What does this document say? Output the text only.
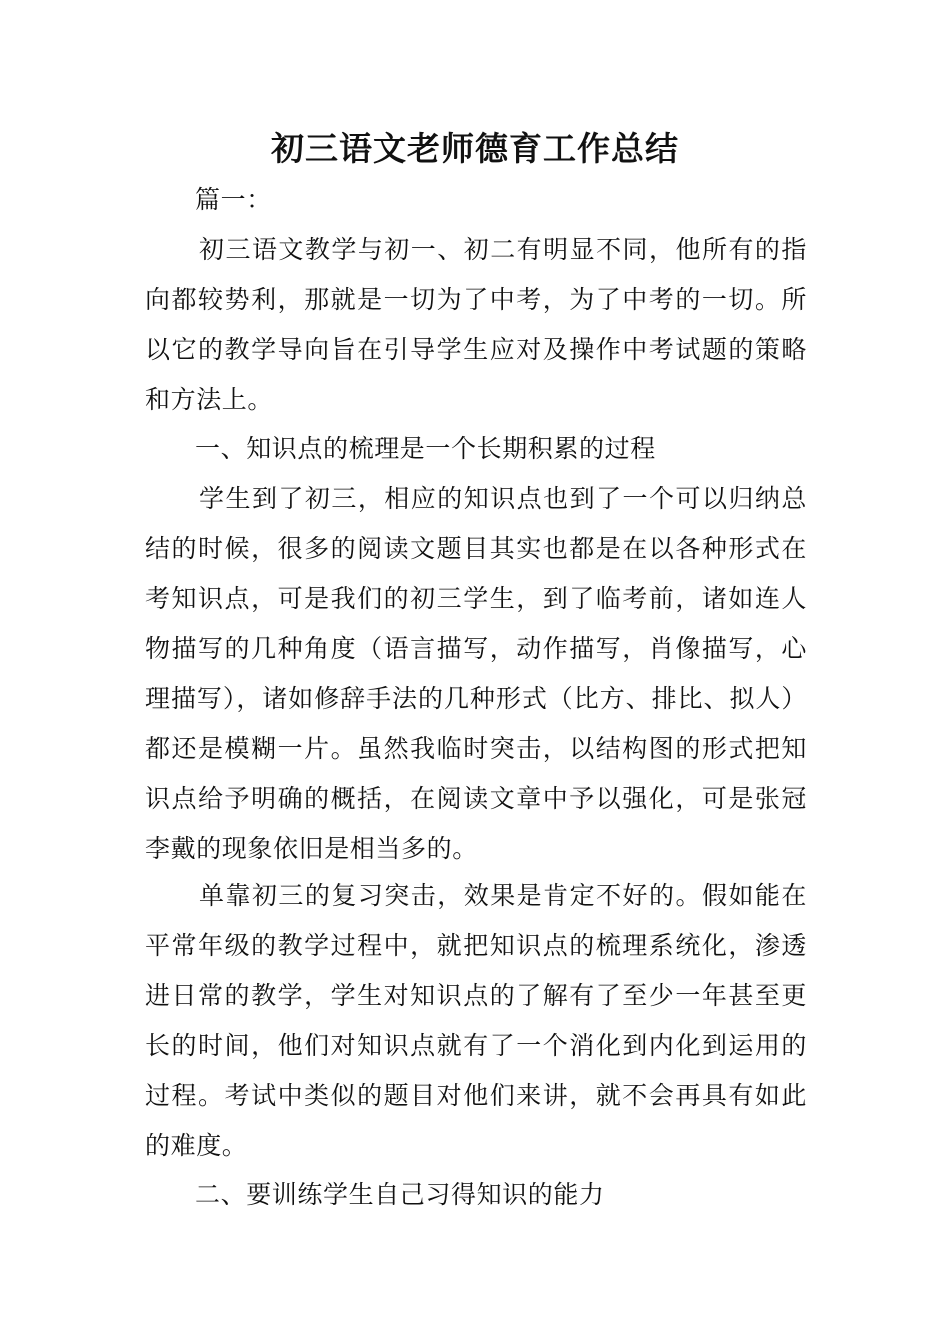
初三语文老师德育工作总结
篇一：
初三语文教学与初一、初二有明显不同，他所有的指向都较势利，那就是一切为了中考，为了中考的一切。所以它的教学导向旨在引导学生应对及操作中考试题的策略和方法上。
一、知识点的梳理是一个长期积累的过程
学生到了初三，相应的知识点也到了一个可以归纳总结的时候，很多的阅读文题目其实也都是在以各种形式在考知识点，可是我们的初三学生，到了临考前，诸如连人物描写的几种角度（语言描写，动作描写，肖像描写，心理描写），诸如修辞手法的几种形式（比方、排比、拟人）都还是模糊一片。虽然我临时突击，以结构图的形式把知识点给予明确的概括，在阅读文章中予以强化，可是张冠李戴的现象依旧是相当多的。
单靠初三的复习突击，效果是肯定不好的。假如能在平常年级的教学过程中，就把知识点的梳理系统化，渗透进日常的教学，学生对知识点的了解有了至少一年甚至更长的时间，他们对知识点就有了一个消化到内化到运用的过程。考试中类似的题目对他们来讲，就不会再具有如此的难度。
二、要训练学生自己习得知识的能力
